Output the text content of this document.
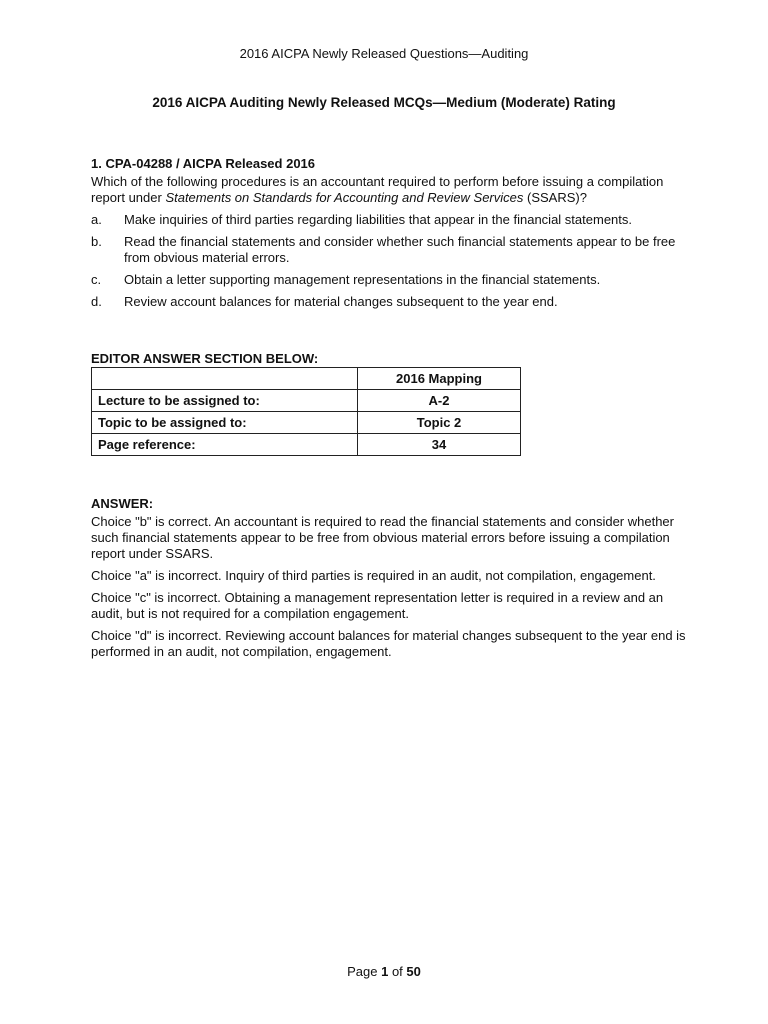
2016 AICPA Newly Released Questions—Auditing
2016 AICPA Auditing Newly Released MCQs—Medium (Moderate) Rating
1. CPA-04288 / AICPA Released 2016
Which of the following procedures is an accountant required to perform before issuing a compilation report under Statements on Standards for Accounting and Review Services (SSARS)?
a.	Make inquiries of third parties regarding liabilities that appear in the financial statements.
b.	Read the financial statements and consider whether such financial statements appear to be free from obvious material errors.
c.	Obtain a letter supporting management representations in the financial statements.
d.	Review account balances for material changes subsequent to the year end.
EDITOR ANSWER SECTION BELOW:
	2016 Mapping
Lecture to be assigned to:	A-2
Topic to be assigned to:	Topic 2
Page reference:	34
ANSWER:

Choice "b" is correct. An accountant is required to read the financial statements and consider whether such financial statements appear to be free from obvious material errors before issuing a compilation report under SSARS.

Choice "a" is incorrect. Inquiry of third parties is required in an audit, not compilation, engagement.

Choice "c" is incorrect. Obtaining a management representation letter is required in a review and an audit, but is not required for a compilation engagement.

Choice "d" is incorrect. Reviewing account balances for material changes subsequent to the year end is performed in an audit, not compilation, engagement.

Page 1 of 50
